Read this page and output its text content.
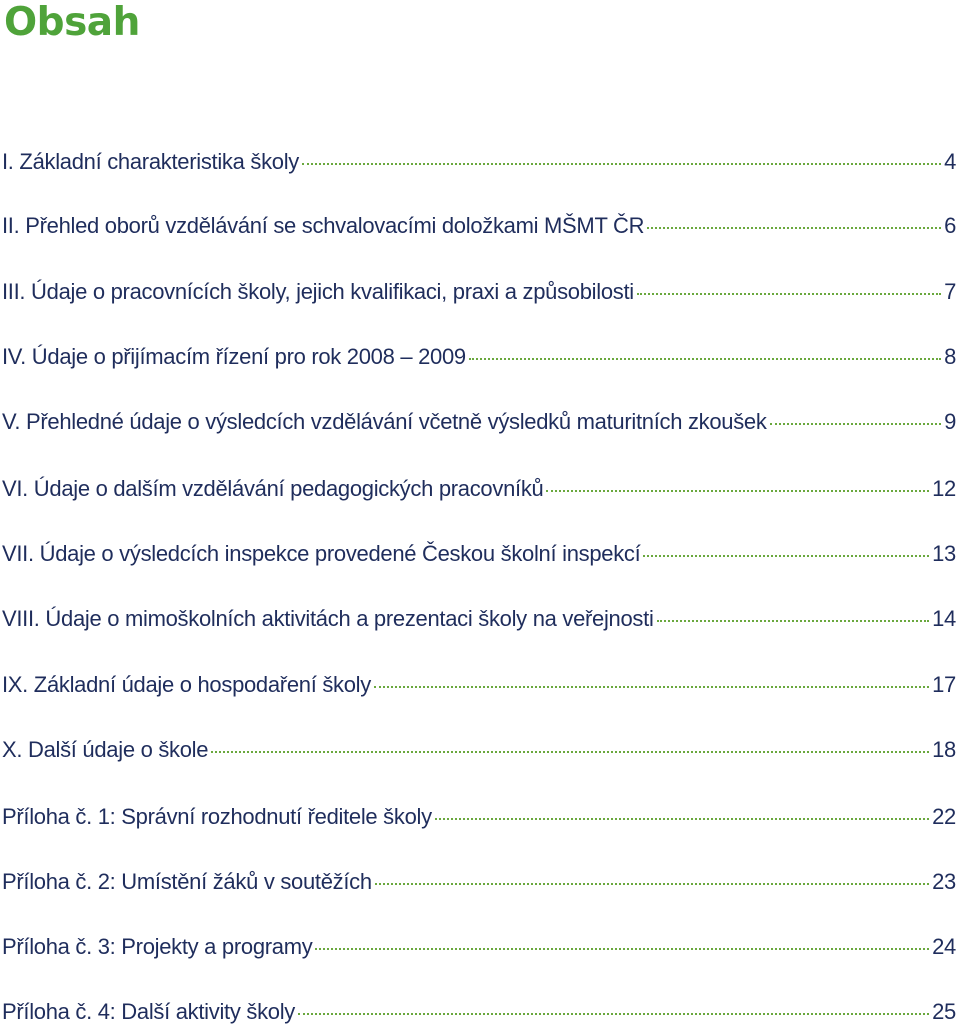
Obsah
I. Základní charakteristika školy	4
II. Přehled oborů vzdělávání se schvalovacími doložkami MŠMT ČR	6
III. Údaje o pracovnících školy, jejich kvalifikaci, praxi a způsobilosti	7
IV. Údaje o přijímacím řízení pro rok 2008 – 2009	8
V. Přehledné údaje o výsledcích vzdělávání včetně výsledků maturitních zkoušek	9
VI. Údaje o dalším vzdělávání pedagogických pracovníků	12
VII. Údaje o výsledcích inspekce provedené Českou školní inspekcí	13
VIII. Údaje o mimoškolních aktivitách a prezentaci školy na veřejnosti	14
IX. Základní údaje o hospodaření školy	17
X. Další údaje o škole	18
Příloha č. 1: Správní rozhodnutí ředitele školy	22
Příloha č. 2: Umístění žáků v soutěžích	23
Příloha č. 3: Projekty a programy	24
Příloha č. 4: Další aktivity školy	25
